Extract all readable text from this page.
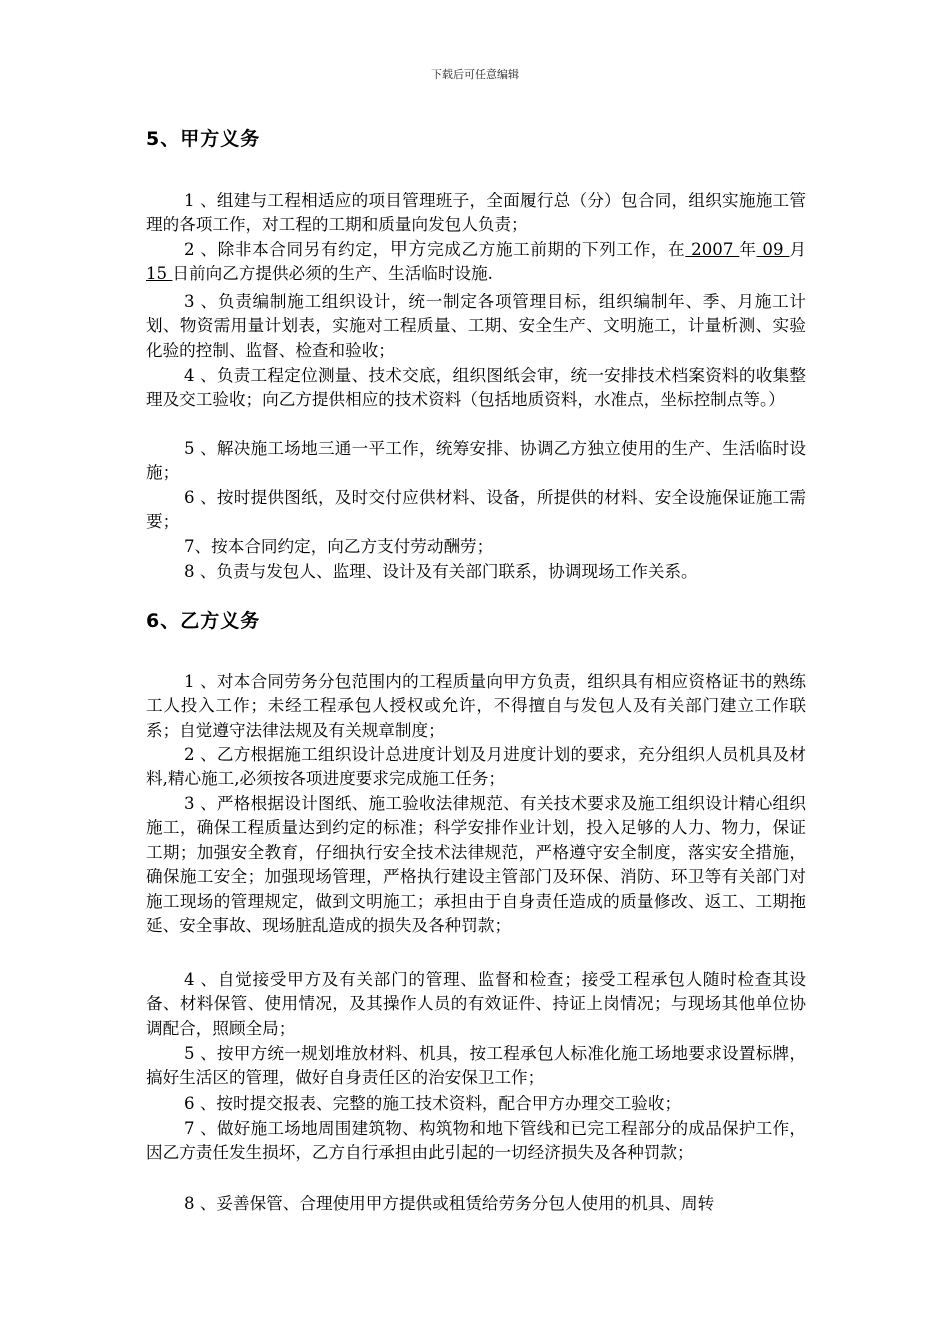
下载后可任意编辑
5、甲方义务

1 、组建与工程相适应的项目管理班子，全面履行总（分）包合同，组织实施施工管理的各项工作，对工程的工期和质量向发包人负责；

2 、除非本合同另有约定，甲方完成乙方施工前期的下列工作，在 2007 年 09 月 15 日前向乙方提供必须的生产、生活临时设施.

3 、负责编制施工组织设计，统一制定各项管理目标，组织编制年、季、月施工计划、物资需用量计划表，实施对工程质量、工期、安全生产、文明施工，计量析测、实验化验的控制、监督、检查和验收；

4 、负责工程定位测量、技术交底，组织图纸会审，统一安排技术档案资料的收集整理及交工验收；向乙方提供相应的技术资料（包括地质资料，水准点，坐标控制点等。）

5 、解决施工场地三通一平工作，统筹安排、协调乙方独立使用的生产、生活临时设施；

6 、按时提供图纸，及时交付应供材料、设备，所提供的材料、安全设施保证施工需要；

7、按本合同约定，向乙方支付劳动酬劳；

8 、负责与发包人、监理、设计及有关部门联系，协调现场工作关系。

6、乙方义务

1 、对本合同劳务分包范围内的工程质量向甲方负责，组织具有相应资格证书的熟练工人投入工作；未经工程承包人授权或允许，不得擅自与发包人及有关部门建立工作联系；自觉遵守法律法规及有关规章制度；

2 、乙方根据施工组织设计总进度计划及月进度计划的要求，充分组织人员机具及材料,精心施工,必须按各项进度要求完成施工任务；

3 、严格根据设计图纸、施工验收法律规范、有关技术要求及施工组织设计精心组织施工，确保工程质量达到约定的标准；科学安排作业计划，投入足够的人力、物力，保证工期；加强安全教育，仔细执行安全技术法律规范，严格遵守安全制度，落实安全措施，确保施工安全；加强现场管理，严格执行建设主管部门及环保、消防、环卫等有关部门对施工现场的管理规定，做到文明施工；承担由于自身责任造成的质量修改、返工、工期拖延、安全事故、现场脏乱造成的损失及各种罚款；

4 、自觉接受甲方及有关部门的管理、监督和检查；接受工程承包人随时检查其设备、材料保管、使用情况，及其操作人员的有效证件、持证上岗情况；与现场其他单位协调配合，照顾全局；

5 、按甲方统一规划堆放材料、机具，按工程承包人标准化施工场地要求设置标牌，搞好生活区的管理，做好自身责任区的治安保卫工作；

6 、按时提交报表、完整的施工技术资料，配合甲方办理交工验收；

7 、做好施工场地周围建筑物、构筑物和地下管线和已完工程部分的成品保护工作，因乙方责任发生损坏，乙方自行承担由此引起的一切经济损失及各种罚款；

8 、妥善保管、合理使用甲方提供或租赁给劳务分包人使用的机具、周转
